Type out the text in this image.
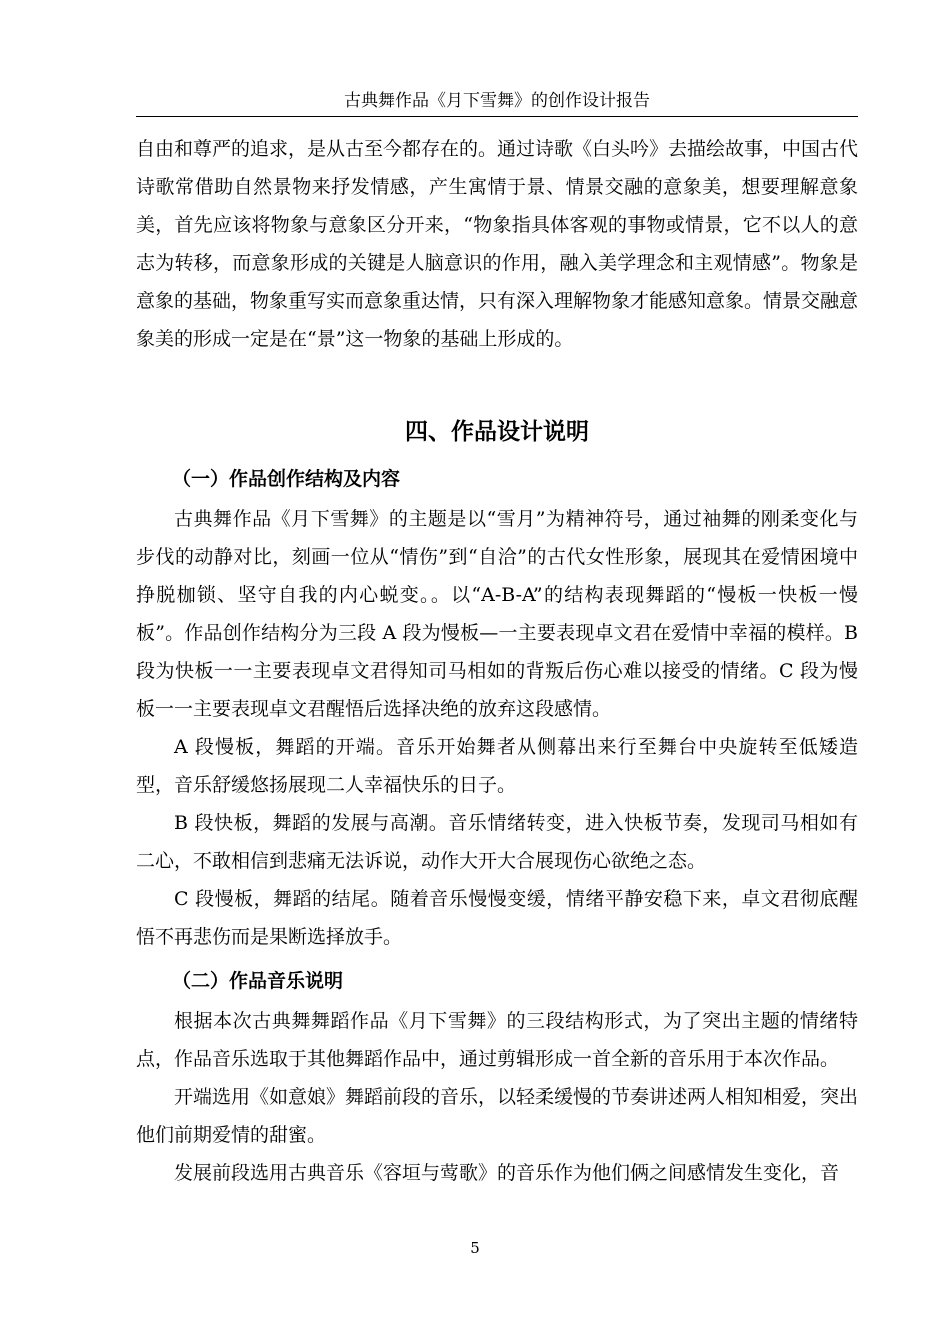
古典舞作品《月下雪舞》的创作设计报告

自由和尊严的追求，是从古至今都存在的。通过诗歌《白头吟》去描绘故事，中国古代诗歌常借助自然景物来抒发情感，产生寓情于景、情景交融的意象美，想要理解意象美，首先应该将物象与意象区分开来，“物象指具体客观的事物或情景，它不以人的意志为转移，而意象形成的关键是人脑意识的作用，融入美学理念和主观情感”。物象是意象的基础，物象重写实而意象重达情，只有深入理解物象才能感知意象。情景交融意象美的形成一定是在“景”这一物象的基础上形成的。

四、作品设计说明
（一）作品创作结构及内容

古典舞作品《月下雪舞》的主题是以“雪月”为精神符号，通过袖舞的刚柔变化与步伐的动静对比，刻画一位从“情伤”到“自洽”的古代女性形象，展现其在爱情困境中挣脱枷锁、坚守自我的内心蜕变。。以“A-B-A”的结构表现舞蹈的“慢板一快板一慢板”。作品创作结构分为三段 A 段为慢板—一主要表现卓文君在爱情中幸福的模样。B 段为快板一一主要表现卓文君得知司马相如的背叛后伤心难以接受的情绪。C 段为慢板一一主要表现卓文君醒悟后选择决绝的放弃这段感情。

A 段慢板，舞蹈的开端。音乐开始舞者从侧幕出来行至舞台中央旋转至低矮造型，音乐舒缓悠扬展现二人幸福快乐的日子。

B 段快板，舞蹈的发展与高潮。音乐情绪转变，进入快板节奏，发现司马相如有二心，不敢相信到悲痛无法诉说，动作大开大合展现伤心欲绝之态。

C 段慢板，舞蹈的结尾。随着音乐慢慢变缓，情绪平静安稳下来，卓文君彻底醒悟不再悲伤而是果断选择放手。

（二）作品音乐说明

根据本次古典舞舞蹈作品《月下雪舞》的三段结构形式，为了突出主题的情绪特点，作品音乐选取于其他舞蹈作品中，通过剪辑形成一首全新的音乐用于本次作品。

开端选用《如意娘》舞蹈前段的音乐，以轻柔缓慢的节奏讲述两人相知相爱，突出他们前期爱情的甜蜜。

发展前段选用古典音乐《容垣与莺歌》的音乐作为他们俩之间感情发生变化，音

5
